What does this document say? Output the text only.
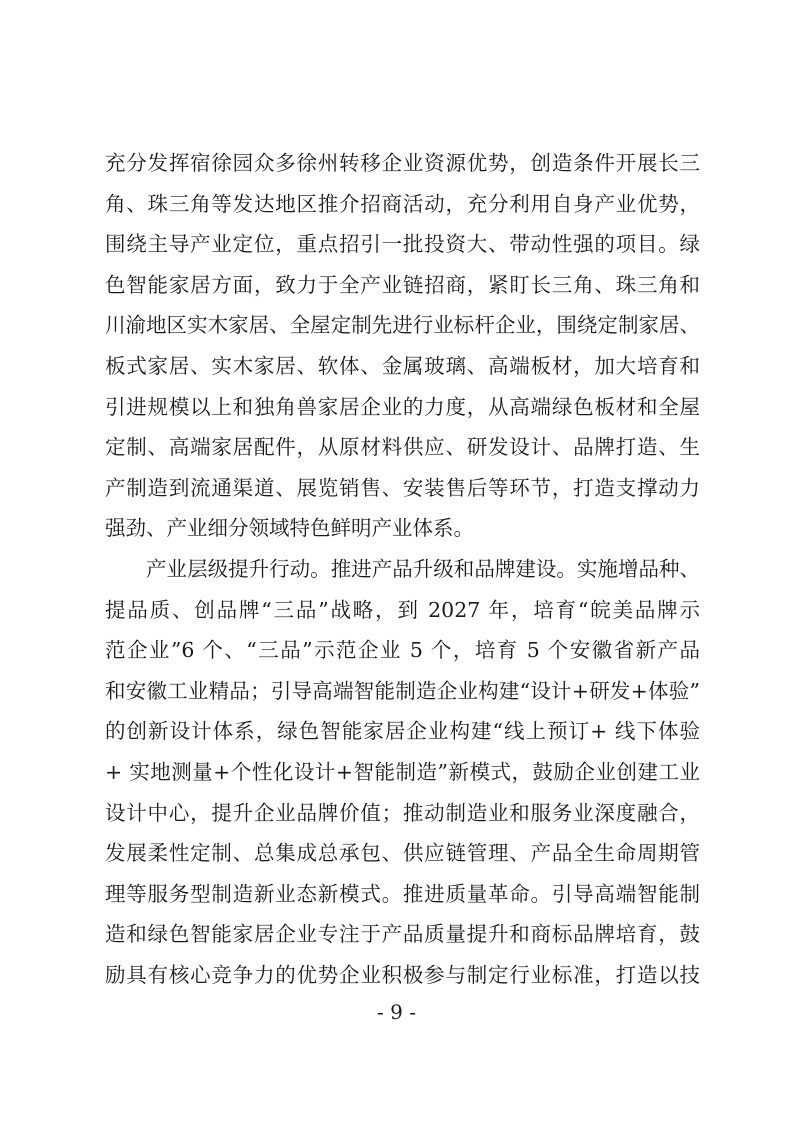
充分发挥宿徐园众多徐州转移企业资源优势，创造条件开展长三
角、珠三角等发达地区推介招商活动，充分利用自身产业优势，
围绕主导产业定位，重点招引一批投资大、带动性强的项目。绿
色智能家居方面，致力于全产业链招商，紧盯长三角、珠三角和
川渝地区实木家居、全屋定制先进行业标杆企业，围绕定制家居、
板式家居、实木家居、软体、金属玻璃、高端板材，加大培育和
引进规模以上和独角兽家居企业的力度，从高端绿色板材和全屋
定制、高端家居配件，从原材料供应、研发设计、品牌打造、生
产制造到流通渠道、展览销售、安装售后等环节，打造支撑动力
强劲、产业细分领域特色鲜明产业体系。
　　产业层级提升行动。推进产品升级和品牌建设。实施增品种、
提品质、创品牌“三品”战略，到 2027 年，培育“皖美品牌示
范企业”6 个、“三品”示范企业 5 个，培育 5 个安徽省新产品
和安徽工业精品；引导高端智能制造企业构建“设计+研发+体验”
的创新设计体系，绿色智能家居企业构建“线上预订+ 线下体验
+ 实地测量+个性化设计+智能制造”新模式，鼓励企业创建工业
设计中心，提升企业品牌价值；推动制造业和服务业深度融合，
发展柔性定制、总集成总承包、供应链管理、产品全生命周期管
理等服务型制造新业态新模式。推进质量革命。引导高端智能制
造和绿色智能家居企业专注于产品质量提升和商标品牌培育，鼓
励具有核心竞争力的优势企业积极参与制定行业标准，打造以技
- 9 -
